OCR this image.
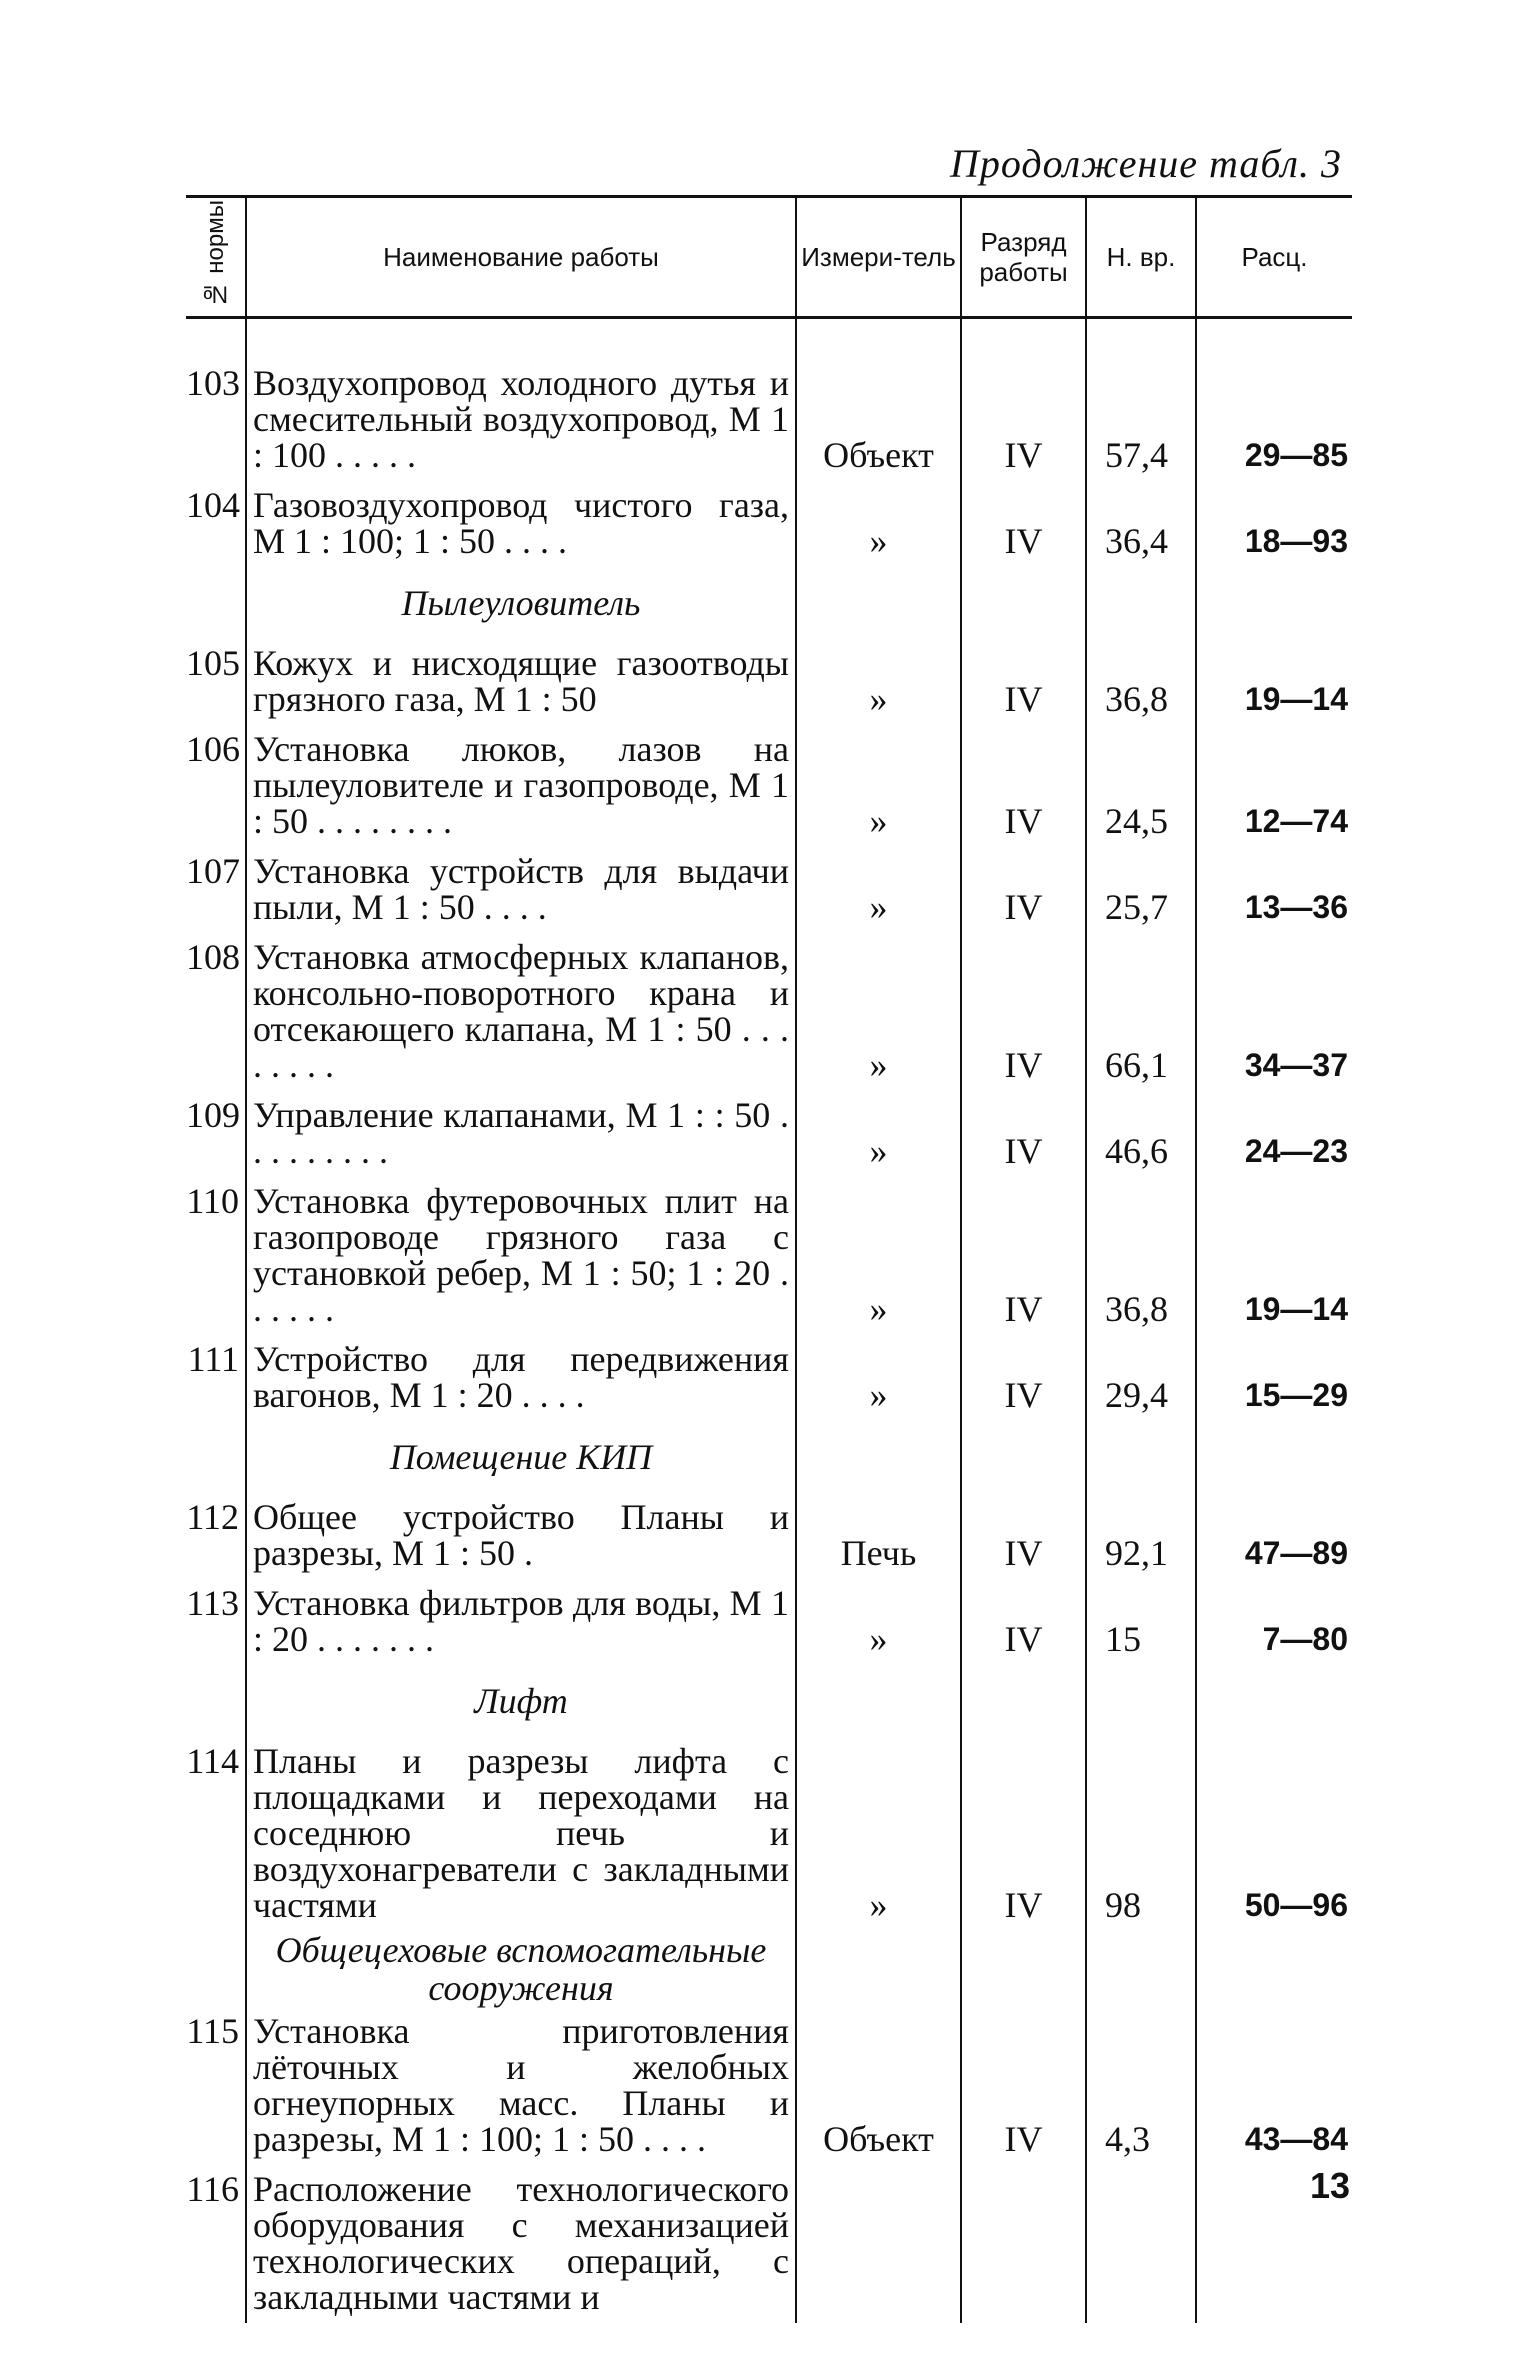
Продолжение табл. 3
№ нормы	Наименование работы	Измери-тель	Разряд работы	Н. вр.	Расц.

103	Воздухопровод холодного дутья и смесительный воздухопровод, М 1 : 100 . . . . .	Объект	IV	57,4	29—85
104	Газовоздухопровод чистого газа, М 1 : 100; 1 : 50 . . . .	»	IV	36,4	18—93
	Пылеуловитель				
105	Кожух и нисходящие газоотводы грязного газа, М 1 : 50	»	IV	36,8	19—14
106	Установка люков, лазов на пылеуловителе и газопроводе, М 1 : 50 . . . . . . . .	»	IV	24,5	12—74
107	Установка устройств для выдачи пыли, М 1 : 50 . . . .	»	IV	25,7	13—36
108	Установка атмосферных клапанов, консольно-поворотного крана и отсекающего клапана, М 1 : 50 . . . . . . . .	»	IV	66,1	34—37
109	Управление клапанами, М 1 : : 50 . . . . . . . . .	»	IV	46,6	24—23
110	Установка футеровочных плит на газопроводе грязного газа с установкой ребер, М 1 : 50; 1 : 20 . . . . . .	»	IV	36,8	19—14
111	Устройство для передвижения вагонов, М 1 : 20 . . . .	»	IV	29,4	15—29
	Помещение КИП				
112	Общее устройство Планы и разрезы, М 1 : 50 .	Печь	IV	92,1	47—89
113	Установка фильтров для воды, М 1 : 20 . . . . . . .	»	IV	15	7—80
	Лифт				
114	Планы и разрезы лифта с площадками и переходами на соседнюю печь и воздухонагреватели с закладными частями	»	IV	98	50—96
	Общецеховые вспомогательные сооружения				
115	Установка приготовления лёточных и желобных огнеупорных масс. Планы и разрезы, М 1 : 100; 1 : 50 . . . .	Объект	IV	4,3	43—84
116	Расположение технологического оборудования с механизацией технологических операций, с закладными частями и				
13
